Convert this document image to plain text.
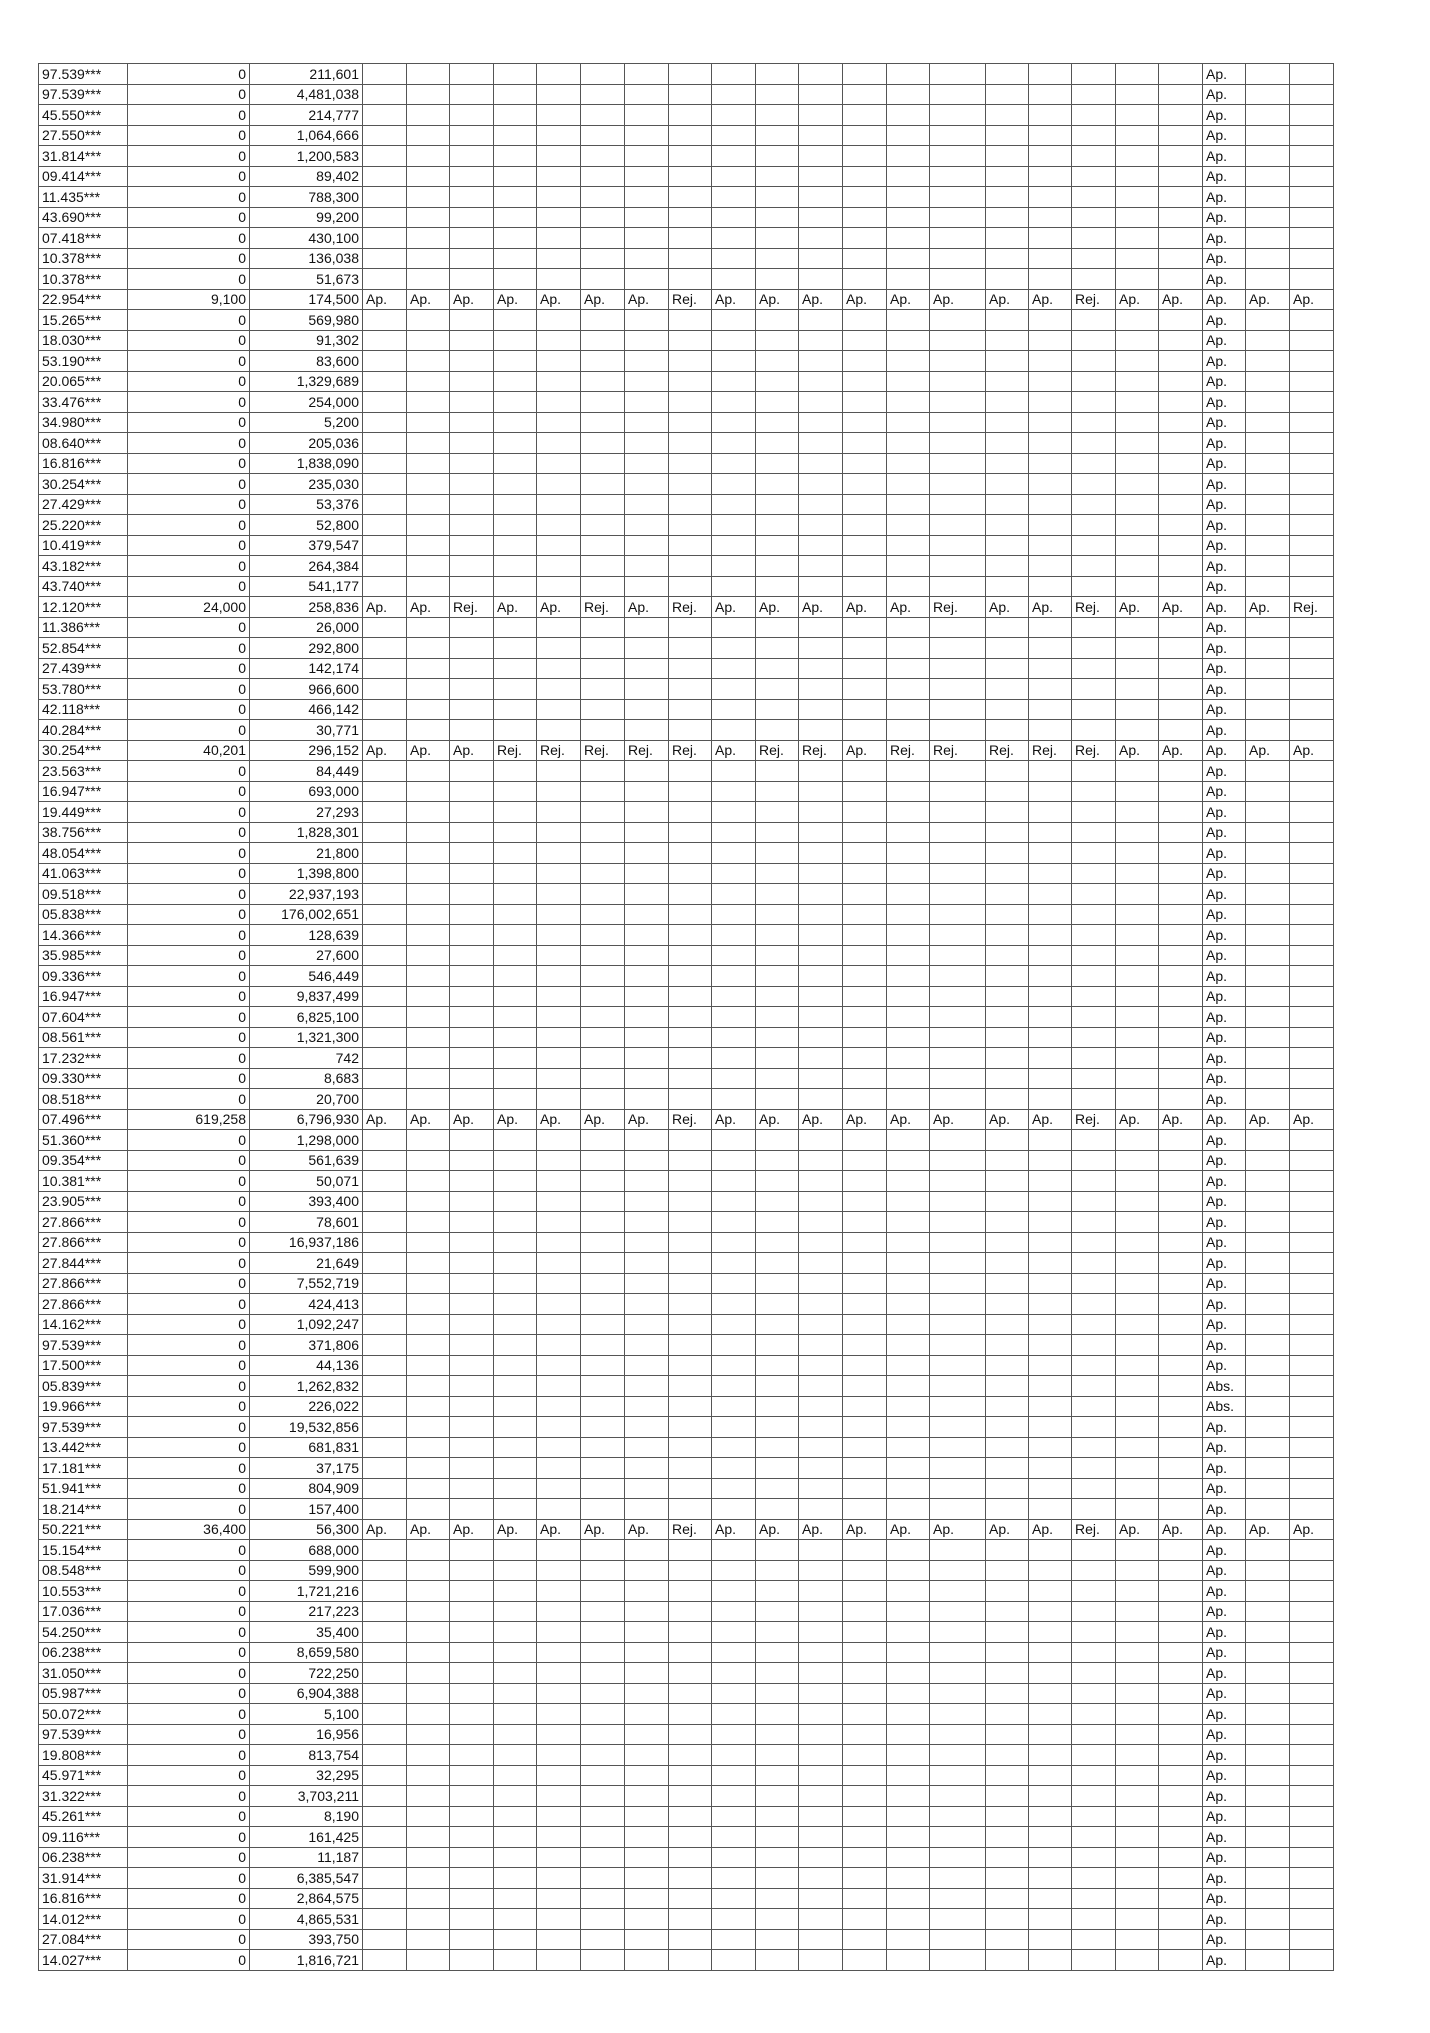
97.539***	0	211,601																				Ap.		
97.539***	0	4,481,038																				Ap.		
45.550***	0	214,777																				Ap.		
27.550***	0	1,064,666																				Ap.		
31.814***	0	1,200,583																				Ap.		
09.414***	0	89,402																				Ap.		
11.435***	0	788,300																				Ap.		
43.690***	0	99,200																				Ap.		
07.418***	0	430,100																				Ap.		
10.378***	0	136,038																				Ap.		
10.378***	0	51,673																				Ap.		
22.954***	9,100	174,500	Ap.	Ap.	Ap.	Ap.	Ap.	Ap.	Ap.	Rej.	Ap.	Ap.	Ap.	Ap.	Ap.	Ap.	Ap.	Ap.	Rej.	Ap.	Ap.	Ap.	Ap.	Ap.
15.265***	0	569,980																				Ap.		
18.030***	0	91,302																				Ap.		
53.190***	0	83,600																				Ap.		
20.065***	0	1,329,689																				Ap.		
33.476***	0	254,000																				Ap.		
34.980***	0	5,200																				Ap.		
08.640***	0	205,036																				Ap.		
16.816***	0	1,838,090																				Ap.		
30.254***	0	235,030																				Ap.		
27.429***	0	53,376																				Ap.		
25.220***	0	52,800																				Ap.		
10.419***	0	379,547																				Ap.		
43.182***	0	264,384																				Ap.		
43.740***	0	541,177																				Ap.		
12.120***	24,000	258,836	Ap.	Ap.	Rej.	Ap.	Ap.	Rej.	Ap.	Rej.	Ap.	Ap.	Ap.	Ap.	Ap.	Rej.	Ap.	Ap.	Rej.	Ap.	Ap.	Ap.	Ap.	Rej.
11.386***	0	26,000																				Ap.		
52.854***	0	292,800																				Ap.		
27.439***	0	142,174																				Ap.		
53.780***	0	966,600																				Ap.		
42.118***	0	466,142																				Ap.		
40.284***	0	30,771																				Ap.		
30.254***	40,201	296,152	Ap.	Ap.	Ap.	Rej.	Rej.	Rej.	Rej.	Rej.	Ap.	Rej.	Rej.	Ap.	Rej.	Rej.	Rej.	Rej.	Rej.	Ap.	Ap.	Ap.	Ap.	Ap.
23.563***	0	84,449																				Ap.		
16.947***	0	693,000																				Ap.		
19.449***	0	27,293																				Ap.		
38.756***	0	1,828,301																				Ap.		
48.054***	0	21,800																				Ap.		
41.063***	0	1,398,800																				Ap.		
09.518***	0	22,937,193																				Ap.		
05.838***	0	176,002,651																				Ap.		
14.366***	0	128,639																				Ap.		
35.985***	0	27,600																				Ap.		
09.336***	0	546,449																				Ap.		
16.947***	0	9,837,499																				Ap.		
07.604***	0	6,825,100																				Ap.		
08.561***	0	1,321,300																				Ap.		
17.232***	0	742																				Ap.		
09.330***	0	8,683																				Ap.		
08.518***	0	20,700																				Ap.		
07.496***	619,258	6,796,930	Ap.	Ap.	Ap.	Ap.	Ap.	Ap.	Ap.	Rej.	Ap.	Ap.	Ap.	Ap.	Ap.	Ap.	Ap.	Ap.	Rej.	Ap.	Ap.	Ap.	Ap.	Ap.
51.360***	0	1,298,000																				Ap.		
09.354***	0	561,639																				Ap.		
10.381***	0	50,071																				Ap.		
23.905***	0	393,400																				Ap.		
27.866***	0	78,601																				Ap.		
27.866***	0	16,937,186																				Ap.		
27.844***	0	21,649																				Ap.		
27.866***	0	7,552,719																				Ap.		
27.866***	0	424,413																				Ap.		
14.162***	0	1,092,247																				Ap.		
97.539***	0	371,806																				Ap.		
17.500***	0	44,136																				Ap.		
05.839***	0	1,262,832																				Abs.		
19.966***	0	226,022																				Abs.		
97.539***	0	19,532,856																				Ap.		
13.442***	0	681,831																				Ap.		
17.181***	0	37,175																				Ap.		
51.941***	0	804,909																				Ap.		
18.214***	0	157,400																				Ap.		
50.221***	36,400	56,300	Ap.	Ap.	Ap.	Ap.	Ap.	Ap.	Ap.	Rej.	Ap.	Ap.	Ap.	Ap.	Ap.	Ap.	Ap.	Ap.	Rej.	Ap.	Ap.	Ap.	Ap.	Ap.
15.154***	0	688,000																				Ap.		
08.548***	0	599,900																				Ap.		
10.553***	0	1,721,216																				Ap.		
17.036***	0	217,223																				Ap.		
54.250***	0	35,400																				Ap.		
06.238***	0	8,659,580																				Ap.		
31.050***	0	722,250																				Ap.		
05.987***	0	6,904,388																				Ap.		
50.072***	0	5,100																				Ap.		
97.539***	0	16,956																				Ap.		
19.808***	0	813,754																				Ap.		
45.971***	0	32,295																				Ap.		
31.322***	0	3,703,211																				Ap.		
45.261***	0	8,190																				Ap.		
09.116***	0	161,425																				Ap.		
06.238***	0	11,187																				Ap.		
31.914***	0	6,385,547																				Ap.		
16.816***	0	2,864,575																				Ap.		
14.012***	0	4,865,531																				Ap.		
27.084***	0	393,750																				Ap.		
14.027***	0	1,816,721																				Ap.		
